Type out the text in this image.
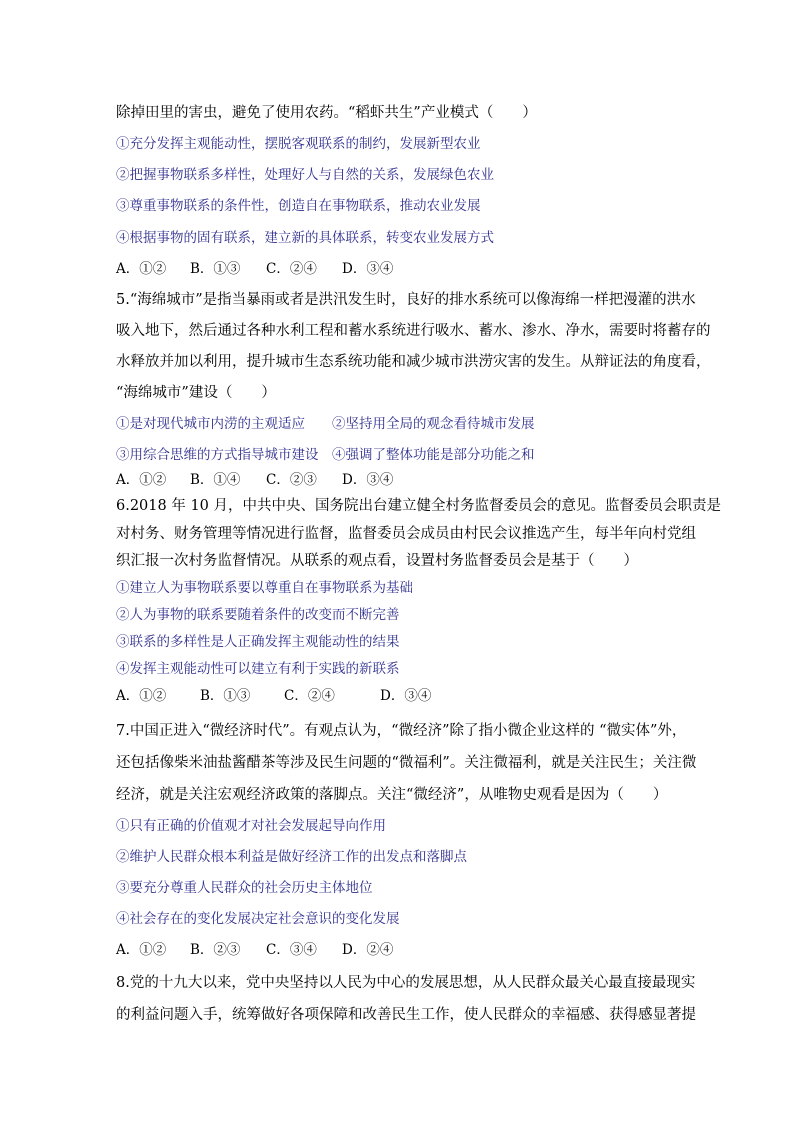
除掉田里的害虫，避免了使用农药。“稻虾共生”产业模式（　　）
①充分发挥主观能动性，摆脱客观联系的制约，发展新型农业
②把握事物联系多样性，处理好人与自然的关系，发展绿色农业
③尊重事物联系的条件性，创造自在事物联系，推动农业发展
④根据事物的固有联系，建立新的具体联系，转变农业发展方式
A．①② B．①③ C．②④ D．③④
5.“海绵城市”是指当暴雨或者是洪汛发生时，良好的排水系统可以像海绵一样把漫灌的洪水
吸入地下，然后通过各种水利工程和蓄水系统进行吸水、蓄水、渗水、净水，需要时将蓄存的
水释放并加以利用，提升城市生态系统功能和减少城市洪涝灾害的发生。从辩证法的角度看，
“海绵城市”建设（　　）
①是对现代城市内涝的主观适应　　②坚持用全局的观念看待城市发展
③用综合思维的方式指导城市建设　④强调了整体功能是部分功能之和
A．①② B．①④ C．②③ D．③④
6.2018 年 10 月，中共中央、国务院出台建立健全村务监督委员会的意见。监督委员会职责是
对村务、财务管理等情况进行监督，监督委员会成员由村民会议推选产生，每半年向村党组
织汇报一次村务监督情况。从联系的观点看，设置村务监督委员会是基于（　　）
①建立人为事物联系要以尊重自在事物联系为基础
②人为事物的联系要随着条件的改变而不断完善
③联系的多样性是人正确发挥主观能动性的结果
④发挥主观能动性可以建立有利于实践的新联系
A．①②	B．①③ C．②④	D．③④
7.中国正进入“微经济时代”。有观点认为，“微经济”除了指小微企业这样的 “微实体”外，
还包括像柴米油盐酱醋茶等涉及民生问题的“微福利”。关注微福利，就是关注民生；关注微
经济，就是关注宏观经济政策的落脚点。关注“微经济”，从唯物史观看是因为（　　）
①只有正确的价值观才对社会发展起导向作用
②维护人民群众根本利益是做好经济工作的出发点和落脚点
③要充分尊重人民群众的社会历史主体地位
④社会存在的变化发展决定社会意识的变化发展
A．①② B．②③ C．③④ D．②④
8.党的十九大以来，党中央坚持以人民为中心的发展思想，从人民群众最关心最直接最现实
的利益问题入手，统筹做好各项保障和改善民生工作，使人民群众的幸福感、获得感显著提
